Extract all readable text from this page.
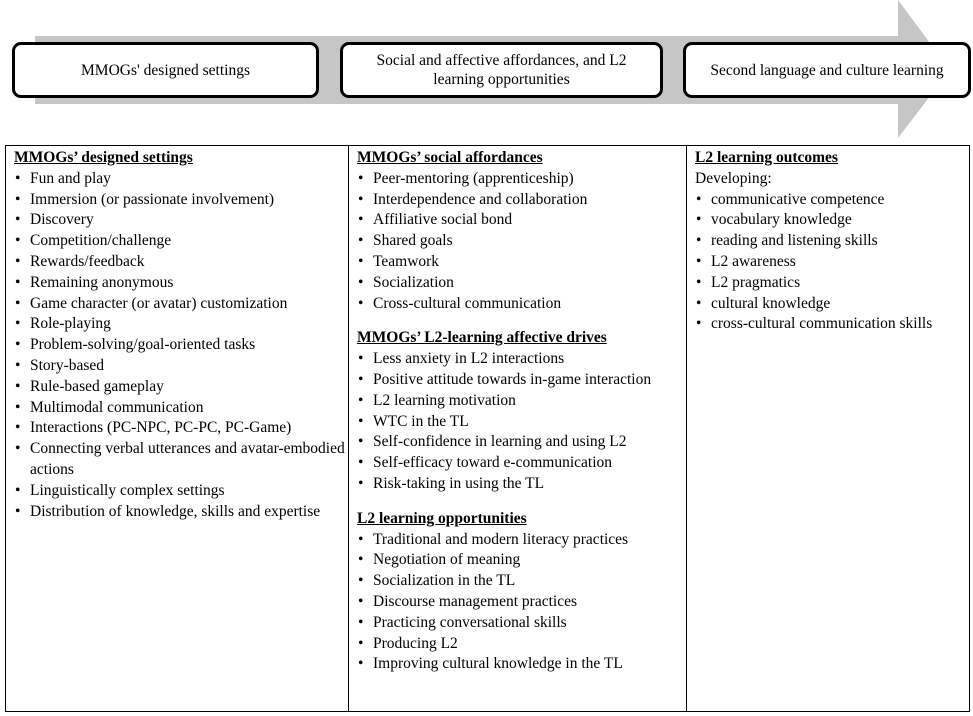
MMOGs' designed settings
Social and affective affordances, and L2 learning opportunities
Second language and culture learning
MMOGs’ designed settings
• Fun and play
• Immersion (or passionate involvement)
• Discovery
• Competition/challenge
• Rewards/feedback
• Remaining anonymous
• Game character (or avatar) customization
• Role-playing
• Problem-solving/goal-oriented tasks
• Story-based
• Rule-based gameplay
• Multimodal communication
• Interactions (PC-NPC, PC-PC, PC-Game)
• Connecting verbal utterances and avatar-embodied actions
• Linguistically complex settings
• Distribution of knowledge, skills and expertise
MMOGs’ social affordances
• Peer-mentoring (apprenticeship)
• Interdependence and collaboration
• Affiliative social bond
• Shared goals
• Teamwork
• Socialization
• Cross-cultural communication
MMOGs’ L2-learning affective drives
• Less anxiety in L2 interactions
• Positive attitude towards in-game interaction
• L2 learning motivation
• WTC in the TL
• Self-confidence in learning and using L2
• Self-efficacy toward e-communication
• Risk-taking in using the TL
L2 learning opportunities
• Traditional and modern literacy practices
• Negotiation of meaning
• Socialization in the TL
• Discourse management practices
• Practicing conversational skills
• Producing L2
• Improving cultural knowledge in the TL
L2 learning outcomes
Developing:
• communicative competence
• vocabulary knowledge
• reading and listening skills
• L2 awareness
• L2 pragmatics
• cultural knowledge
• cross-cultural communication skills
